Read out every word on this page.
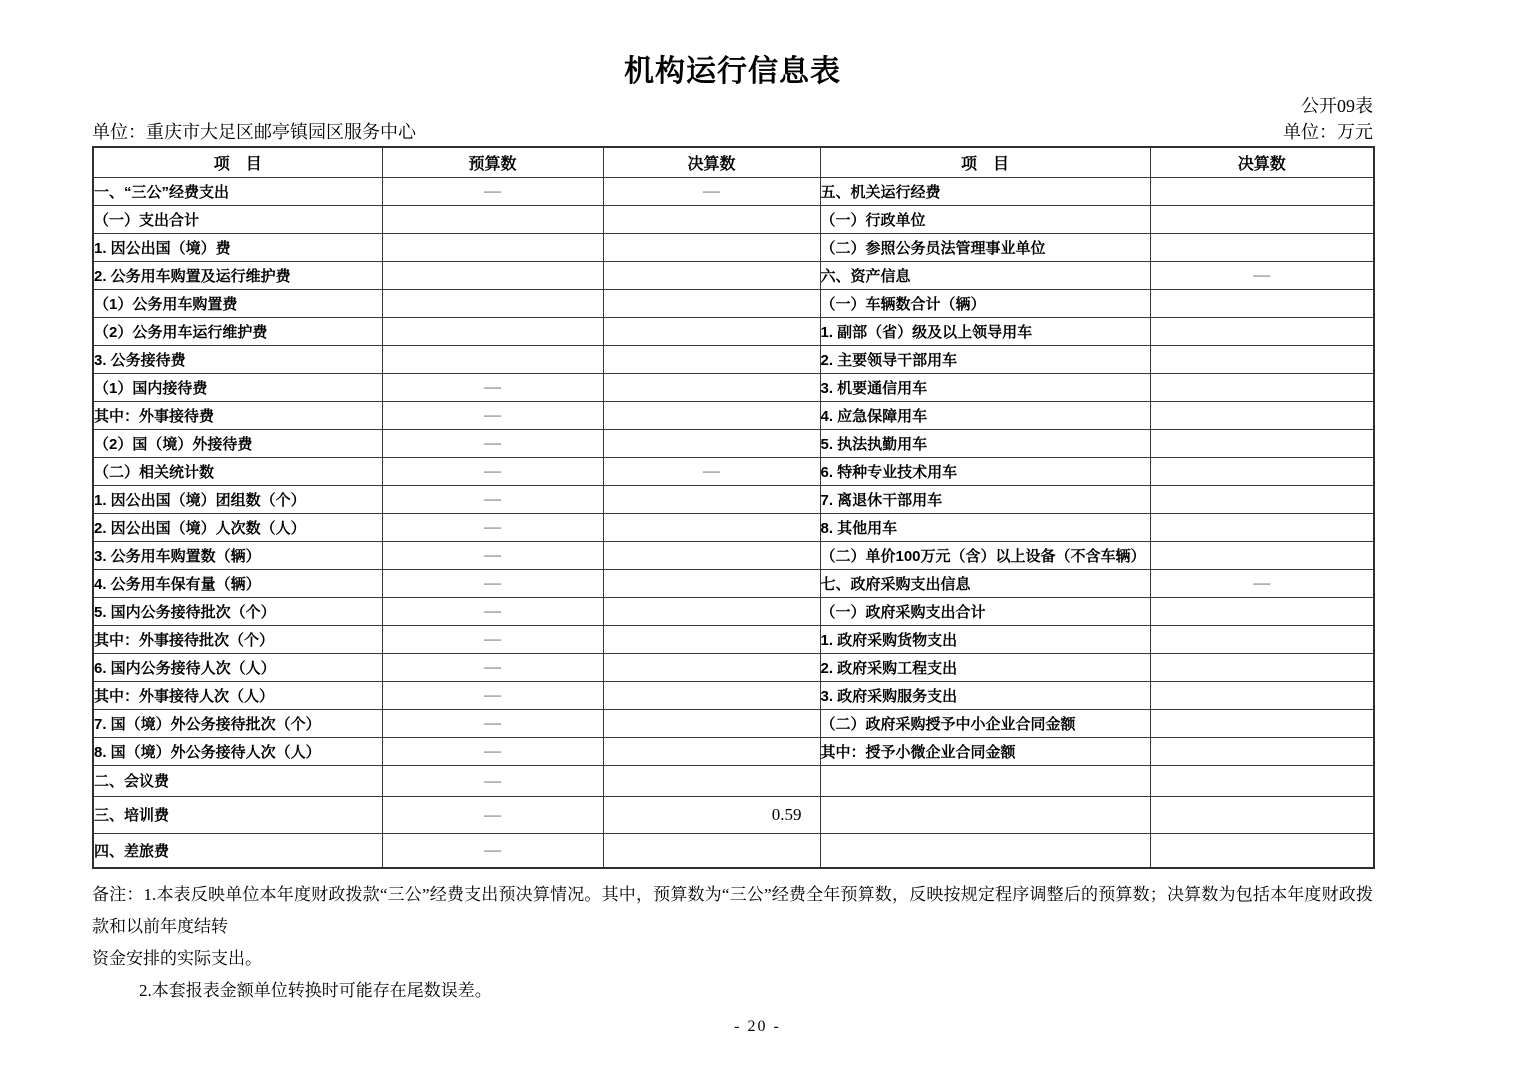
机构运行信息表
公开09表
单位：重庆市大足区邮亭镇园区服务中心	单位：万元
项　目	预算数	决算数	项　目	决算数
一、“三公”经费支出	—	—	五、机关运行经费	
（一）支出合计			（一）行政单位	
1. 因公出国（境）费			（二）参照公务员法管理事业单位	
2. 公务用车购置及运行维护费			六、资产信息	—
（1）公务用车购置费			（一）车辆数合计（辆）	
（2）公务用车运行维护费			1. 副部（省）级及以上领导用车	
3. 公务接待费			2. 主要领导干部用车	
（1）国内接待费	—		3. 机要通信用车	
其中：外事接待费	—		4. 应急保障用车	
（2）国（境）外接待费	—		5. 执法执勤用车	
（二）相关统计数	—	—	6. 特种专业技术用车	
1. 因公出国（境）团组数（个）	—		7. 离退休干部用车	
2. 因公出国（境）人次数（人）	—		8. 其他用车	
3. 公务用车购置数（辆）	—		（二）单价100万元（含）以上设备（不含车辆）	
4. 公务用车保有量（辆）	—		七、政府采购支出信息	—
5. 国内公务接待批次（个）	—		（一）政府采购支出合计	
其中：外事接待批次（个）	—		1. 政府采购货物支出	
6. 国内公务接待人次（人）	—		2. 政府采购工程支出	
其中：外事接待人次（人）	—		3. 政府采购服务支出	
7. 国（境）外公务接待批次（个）	—		（二）政府采购授予中小企业合同金额	
8. 国（境）外公务接待人次（人）	—		其中：授予小微企业合同金额	
二、会议费	—			
三、培训费	—	0.59		
四、差旅费	—			
备注：1.本表反映单位本年度财政拨款“三公”经费支出预决算情况。其中，预算数为“三公”经费全年预算数，反映按规定程序调整后的预算数；决算数为包括本年度财政拨款和以前年度结转
资金安排的实际支出。
2.本套报表金额单位转换时可能存在尾数误差。
- 20 -
